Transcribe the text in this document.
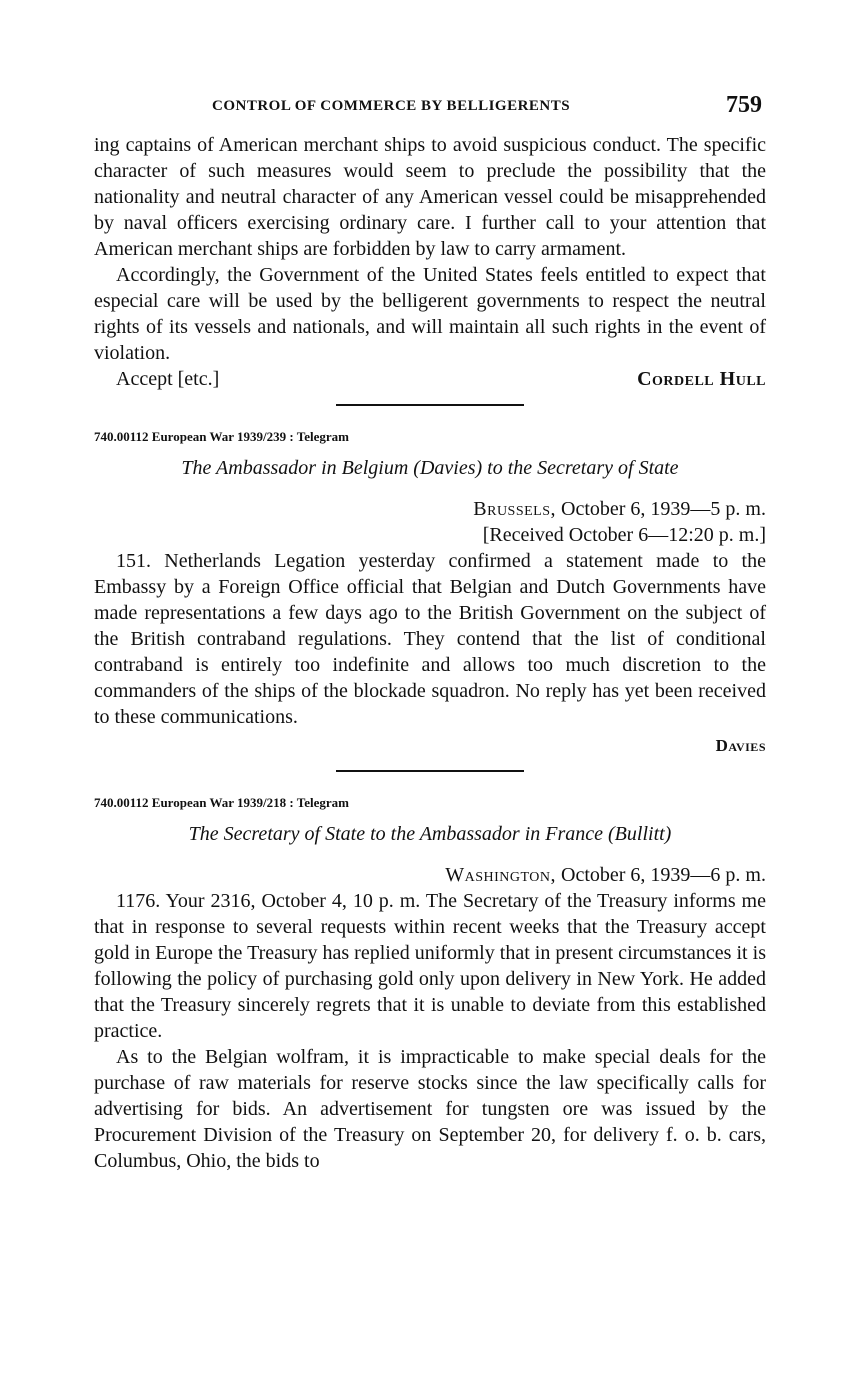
CONTROL OF COMMERCE BY BELLIGERENTS	759

ing captains of American merchant ships to avoid suspicious conduct. The specific character of such measures would seem to preclude the possibility that the nationality and neutral character of any American vessel could be misapprehended by naval officers exercising ordinary care. I further call to your attention that American merchant ships are forbidden by law to carry armament.

Accordingly, the Government of the United States feels entitled to expect that especial care will be used by the belligerent governments to respect the neutral rights of its vessels and nationals, and will maintain all such rights in the event of violation.

Accept [etc.]	Cordell Hull
740.00112 European War 1939/239 : Telegram
The Ambassador in Belgium (Davies) to the Secretary of State
Brussels, October 6, 1939—5 p. m.
[Received October 6—12:20 p. m.]

151. Netherlands Legation yesterday confirmed a statement made to the Embassy by a Foreign Office official that Belgian and Dutch Governments have made representations a few days ago to the British Government on the subject of the British contraband regulations. They contend that the list of conditional contraband is entirely too indefinite and allows too much discretion to the commanders of the ships of the blockade squadron. No reply has yet been received to these communications.

Davies
740.00112 European War 1939/218 : Telegram
The Secretary of State to the Ambassador in France (Bullitt)
Washington, October 6, 1939—6 p. m.

1176. Your 2316, October 4, 10 p. m. The Secretary of the Treasury informs me that in response to several requests within recent weeks that the Treasury accept gold in Europe the Treasury has replied uniformly that in present circumstances it is following the policy of purchasing gold only upon delivery in New York. He added that the Treasury sincerely regrets that it is unable to deviate from this established practice.

As to the Belgian wolfram, it is impracticable to make special deals for the purchase of raw materials for reserve stocks since the law specifically calls for advertising for bids. An advertisement for tungsten ore was issued by the Procurement Division of the Treasury on September 20, for delivery f. o. b. cars, Columbus, Ohio, the bids to
